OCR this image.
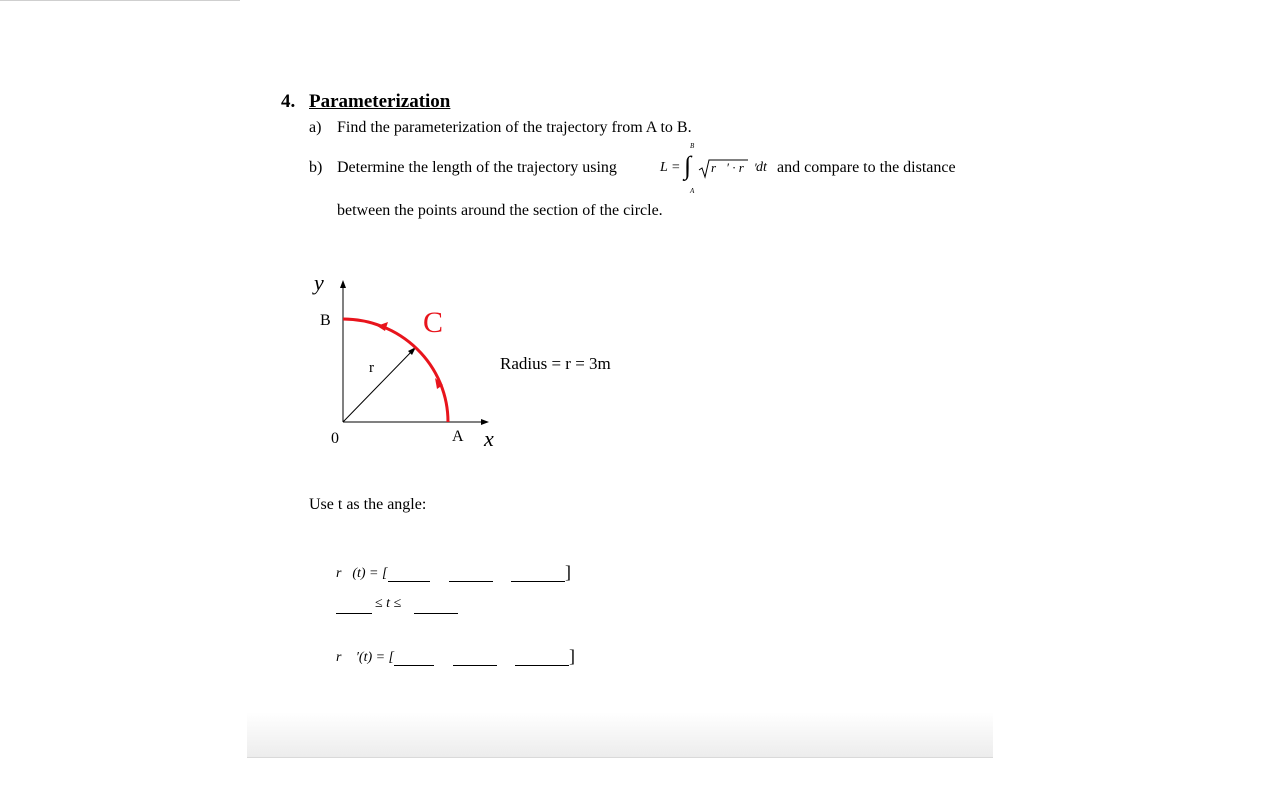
4. Parameterization
a) Find the parameterization of the trajectory from A to B.
b) Determine the length of the trajectory using	L =
B
A
∫ r⃗′ · r⃗′ dt and compare to the distance
between the points around the section of the circle.
y
B	C
r	Radius = r = 3m
0	A x
Use t as the angle:
r⃗(t) = [	]
≤ t ≤
r⃗ ′(t) = [	]
